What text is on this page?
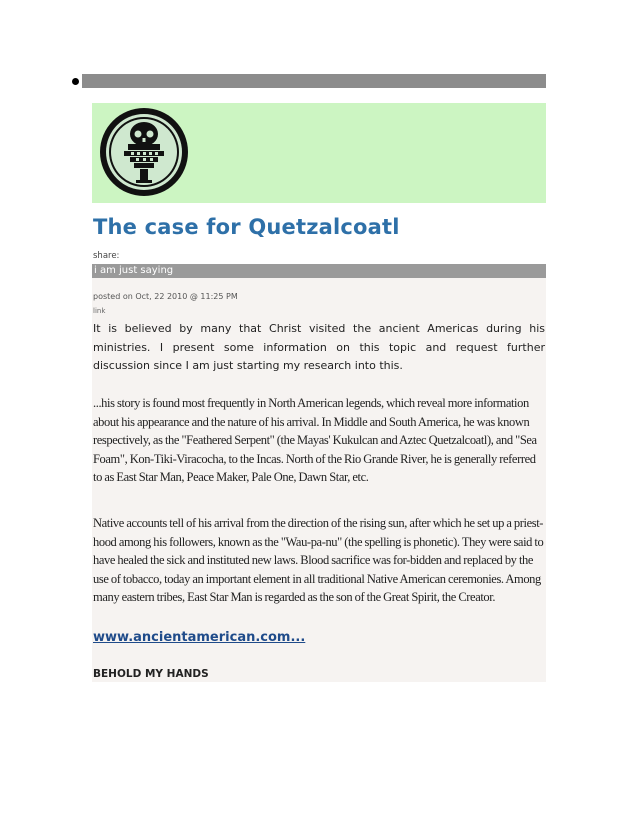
The case for Quetzalcoatl
share:
i am just saying
posted on Oct, 22 2010 @ 11:25 PM
link

It is believed by many that Christ visited the ancient Americas during his ministries. I present some information on this topic and request further discussion since I am just starting my research into this.

...his story is found most frequently in North American legends, which reveal more information about his appearance and the nature of his arrival. In Middle and South America, he was known respectively, as the "Feathered Serpent" (the Mayas' Kukulcan and Aztec Quetzalcoatl), and "Sea Foam", Kon-Tiki-Viracocha, to the Incas. North of the Rio Grande River, he is generally referred to as East Star Man, Peace Maker, Pale One, Dawn Star, etc.

Native accounts tell of his arrival from the direction of the rising sun, after which he set up a priest-hood among his followers, known as the "Wau-pa-nu" (the spelling is phonetic). They were said to have healed the sick and instituted new laws. Blood sacrifice was for-bidden and replaced by the use of tobacco, today an important element in all traditional Native American ceremonies. Among many eastern tribes, East Star Man is regarded as the son of the Great Spirit, the Creator.

www.ancientamerican.com...
BEHOLD MY HANDS
